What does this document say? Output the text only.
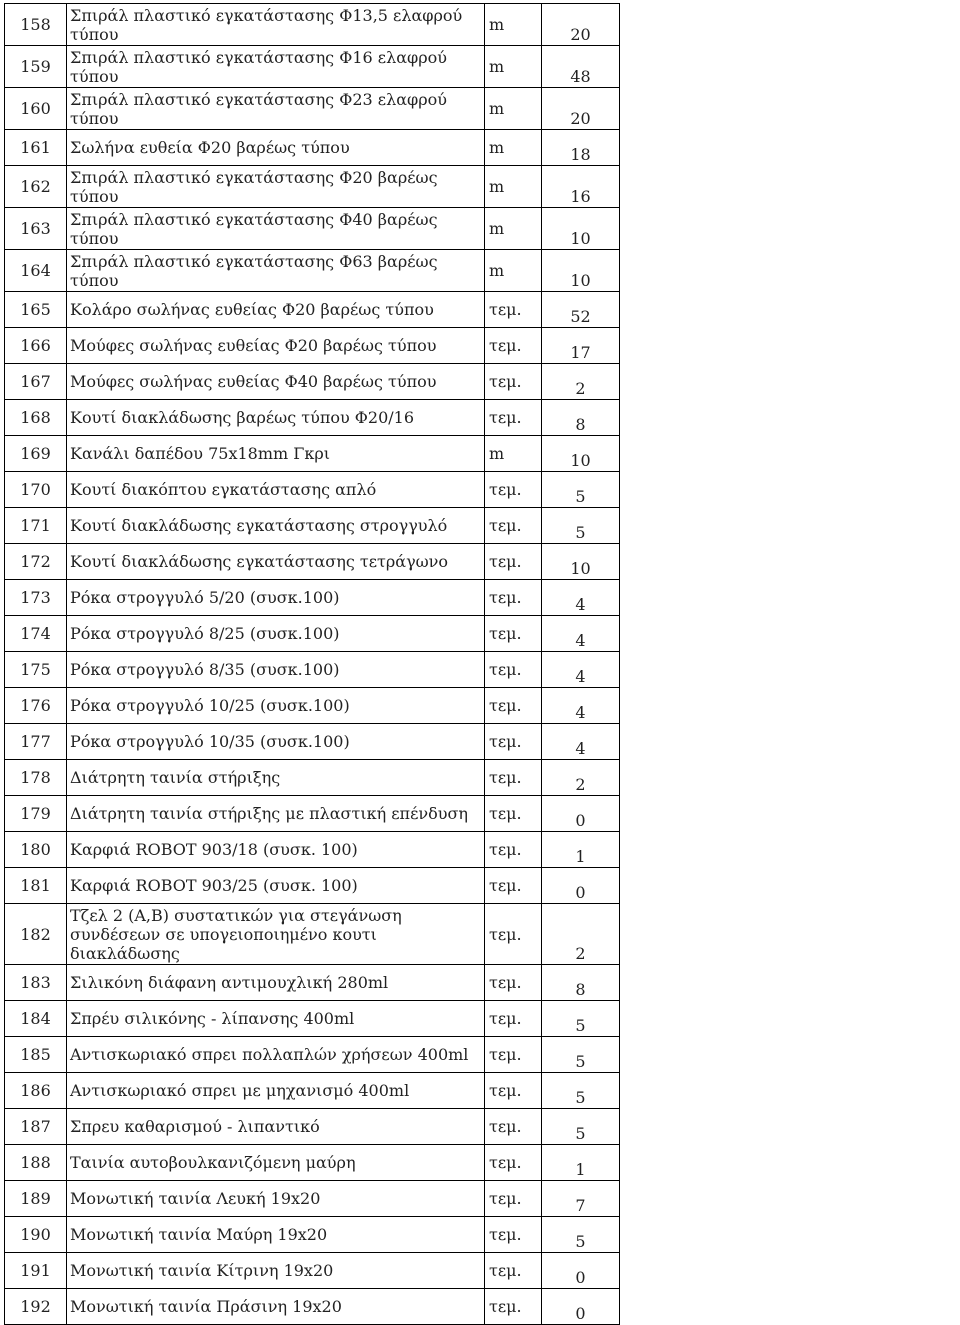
158	Σπιράλ πλαστικό εγκατάστασης Φ13,5 ελαφρού τύπου	m	20
159	Σπιράλ πλαστικό εγκατάστασης Φ16 ελαφρού τύπου	m	48
160	Σπιράλ πλαστικό εγκατάστασης Φ23 ελαφρού τύπου	m	20
161	Σωλήνα ευθεία Φ20 βαρέως τύπου	m	18
162	Σπιράλ πλαστικό εγκατάστασης Φ20 βαρέως τύπου	m	16
163	Σπιράλ πλαστικό εγκατάστασης Φ40 βαρέως τύπου	m	10
164	Σπιράλ πλαστικό εγκατάστασης Φ63 βαρέως τύπου	m	10
165	Κολάρο σωλήνας ευθείας Φ20 βαρέως τύπου	τεμ.	52
166	Μούφες σωλήνας ευθείας Φ20 βαρέως τύπου	τεμ.	17
167	Μούφες σωλήνας ευθείας Φ40 βαρέως τύπου	τεμ.	2
168	Κουτί διακλάδωσης βαρέως τύπου Φ20/16	τεμ.	8
169	Κανάλι δαπέδου 75x18mm Γκρι	m	10
170	Κουτί διακόπτου εγκατάστασης απλό	τεμ.	5
171	Κουτί διακλάδωσης εγκατάστασης στρογγυλό	τεμ.	5
172	Κουτί διακλάδωσης εγκατάστασης τετράγωνο	τεμ.	10
173	Ρόκα στρογγυλό 5/20 (συσκ.100)	τεμ.	4
174	Ρόκα στρογγυλό 8/25 (συσκ.100)	τεμ.	4
175	Ρόκα στρογγυλό 8/35 (συσκ.100)	τεμ.	4
176	Ρόκα στρογγυλό 10/25 (συσκ.100)	τεμ.	4
177	Ρόκα στρογγυλό 10/35 (συσκ.100)	τεμ.	4
178	Διάτρητη ταινία στήριξης	τεμ.	2
179	Διάτρητη ταινία στήριξης με πλαστική επένδυση	τεμ.	0
180	Καρφιά ROBOT 903/18 (συσκ. 100)	τεμ.	1
181	Καρφιά ROBOT 903/25 (συσκ. 100)	τεμ.	0
182	Τζελ 2 (Α,Β) συστατικών για στεγάνωση συνδέσεων σε υπογειοποιημένο κουτι διακλάδωσης	τεμ.	2
183	Σιλικόνη διάφανη αντιμουχλική 280ml	τεμ.	8
184	Σπρέυ σιλικόνης - λίπανσης 400ml	τεμ.	5
185	Αντισκωριακό σπρει πολλαπλών χρήσεων 400ml	τεμ.	5
186	Αντισκωριακό σπρει με μηχανισμό 400ml	τεμ.	5
187	Σπρευ καθαρισμού - λιπαντικό	τεμ.	5
188	Ταινία αυτοβουλκανιζόμενη μαύρη	τεμ.	1
189	Μονωτική ταινία Λευκή 19x20	τεμ.	7
190	Μονωτική ταινία Μαύρη 19x20	τεμ.	5
191	Μονωτική ταινία Κίτρινη 19x20	τεμ.	0
192	Μονωτική ταινία Πράσινη 19x20	τεμ.	0
